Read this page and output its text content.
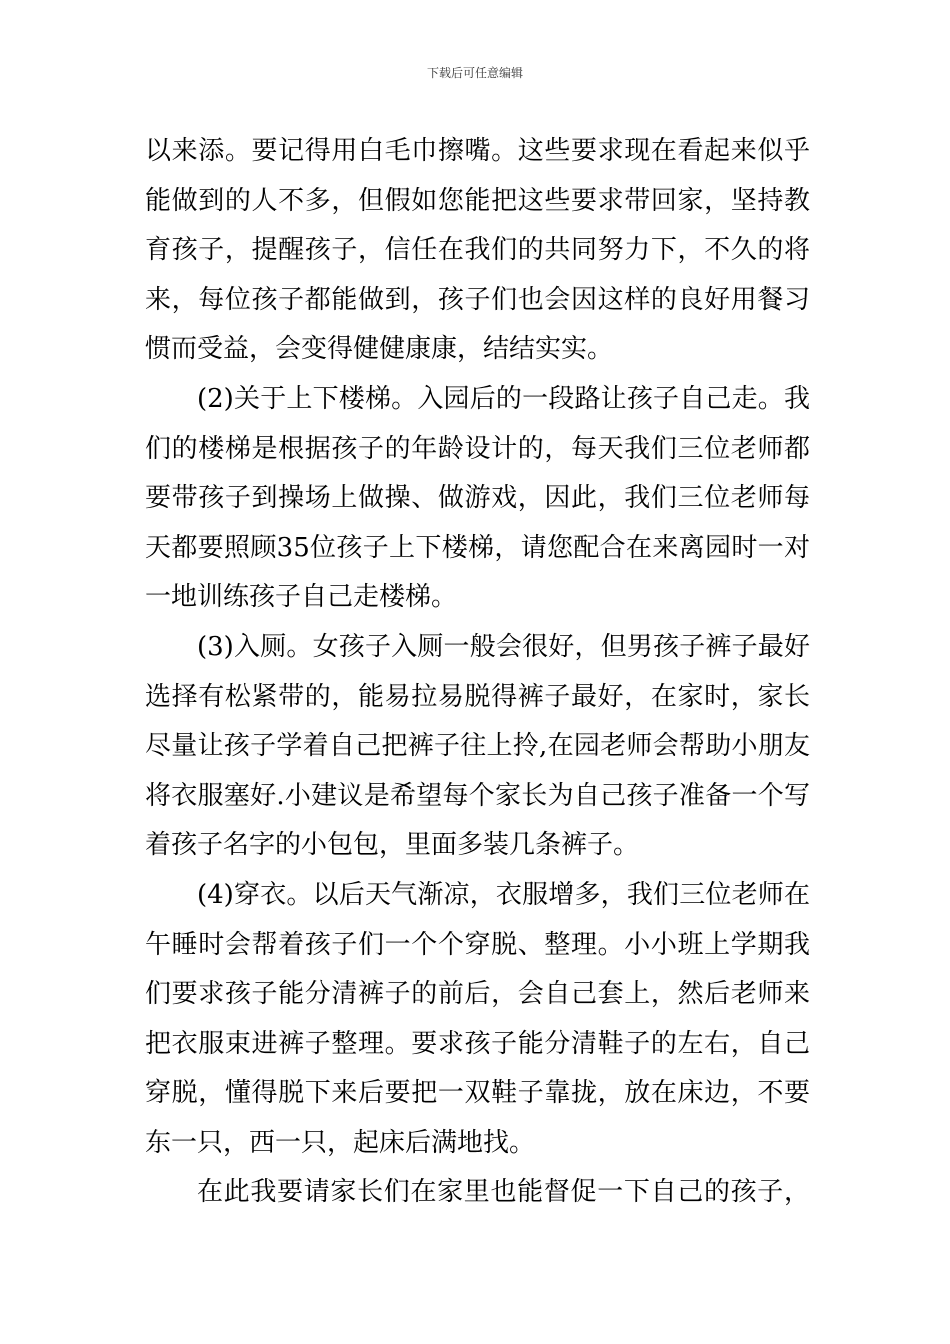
下载后可任意编辑
以来添。要记得用白毛巾擦嘴。这些要求现在看起来似乎
能做到的人不多，但假如您能把这些要求带回家，坚持教
育孩子，提醒孩子，信任在我们的共同努力下，不久的将
来，每位孩子都能做到，孩子们也会因这样的良好用餐习
惯而受益，会变得健健康康，结结实实。
(2)关于上下楼梯。入园后的一段路让孩子自己走。我
们的楼梯是根据孩子的年龄设计的，每天我们三位老师都
要带孩子到操场上做操、做游戏，因此，我们三位老师每
天都要照顾35位孩子上下楼梯，请您配合在来离园时一对
一地训练孩子自己走楼梯。
(3)入厕。女孩子入厕一般会很好，但男孩子裤子最好
选择有松紧带的，能易拉易脱得裤子最好，在家时，家长
尽量让孩子学着自己把裤子往上拎,在园老师会帮助小朋友
将衣服塞好.小建议是希望每个家长为自己孩子准备一个写
着孩子名字的小包包，里面多装几条裤子。
(4)穿衣。以后天气渐凉，衣服增多，我们三位老师在
午睡时会帮着孩子们一个个穿脱、整理。小小班上学期我
们要求孩子能分清裤子的前后，会自己套上，然后老师来
把衣服束进裤子整理。要求孩子能分清鞋子的左右，自己
穿脱，懂得脱下来后要把一双鞋子靠拢，放在床边，不要
东一只，西一只，起床后满地找。
在此我要请家长们在家里也能督促一下自己的孩子，
